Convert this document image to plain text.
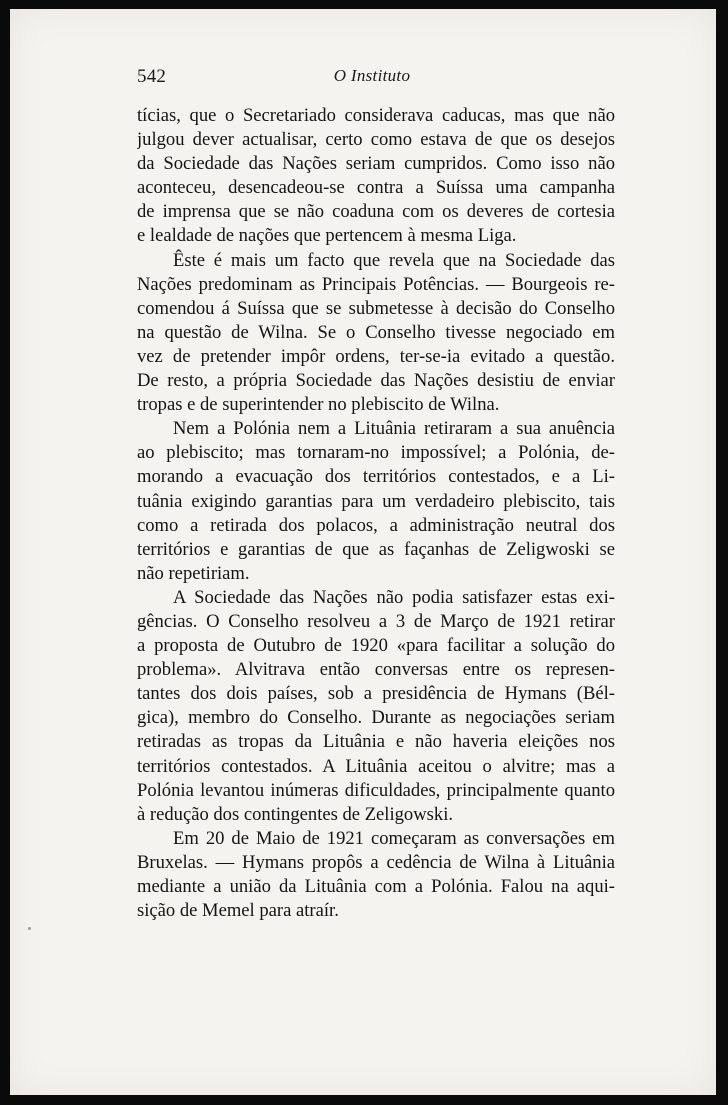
542	O Instituto

tícias, que o Secretariado considerava caducas, mas que não
julgou dever actualisar, certo como estava de que os desejos
da Sociedade das Nações seriam cumpridos. Como isso não
aconteceu, desencadeou-se contra a Suíssa uma campanha
de imprensa que se não coaduna com os deveres de cortesia
e lealdade de nações que pertencem à mesma Liga.

Êste é mais um facto que revela que na Sociedade das
Nações predominam as Principais Potências. — Bourgeois re-
comendou á Suíssa que se submetesse à decisão do Conselho
na questão de Wilna. Se o Conselho tivesse negociado em
vez de pretender impôr ordens, ter-se-ia evitado a questão.
De resto, a própria Sociedade das Nações desistiu de enviar
tropas e de superintender no plebiscito de Wilna.

Nem a Polónia nem a Lituânia retiraram a sua anuência
ao plebiscito; mas tornaram-no impossível; a Polónia, de-
morando a evacuação dos territórios contestados, e a Li-
tuânia exigindo garantias para um verdadeiro plebiscito, tais
como a retirada dos polacos, a administração neutral dos
territórios e garantias de que as façanhas de Zeligwoski se
não repetiriam.

A Sociedade das Nações não podia satisfazer estas exi-
gências. O Conselho resolveu a 3 de Março de 1921 retirar
a proposta de Outubro de 1920 «para facilitar a solução do
problema». Alvitrava então conversas entre os represen-
tantes dos dois países, sob a presidência de Hymans (Bél-
gica), membro do Conselho. Durante as negociações seriam
retiradas as tropas da Lituânia e não haveria eleições nos
territórios contestados. A Lituânia aceitou o alvitre; mas a
Polónia levantou inúmeras dificuldades, principalmente quanto
à redução dos contingentes de Zeligowski.

Em 20 de Maio de 1921 começaram as conversações em
Bruxelas. — Hymans propôs a cedência de Wilna à Lituânia
mediante a união da Lituânia com a Polónia. Falou na aqui-
sição de Memel para atraír.
